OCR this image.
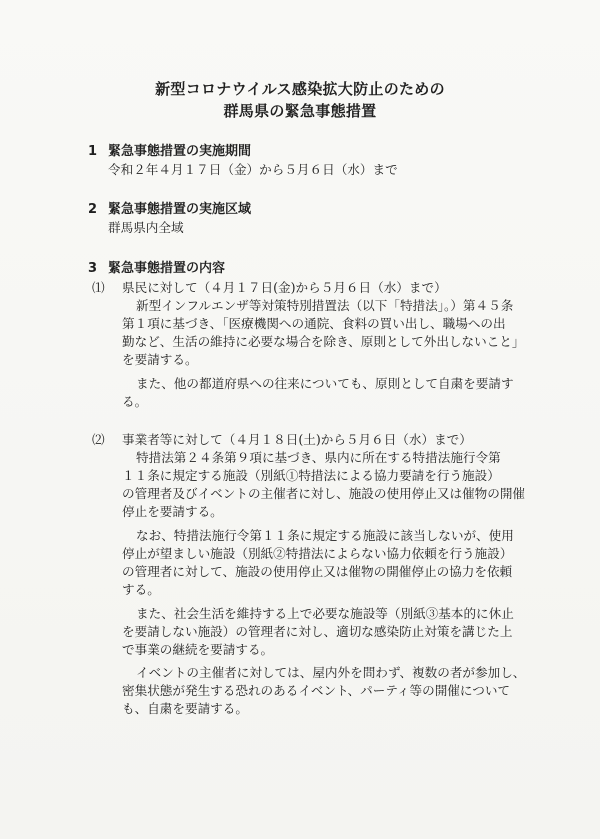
新型コロナウイルス感染拡大防止のための
群馬県の緊急事態措置
1 緊急事態措置の実施期間
令和２年４月１７日（金）から５月６日（水）まで
2 緊急事態措置の実施区域
群馬県内全域
3 緊急事態措置の内容
⑴ 県民に対して（４月１７日(金)から５月６日（水）まで）
新型インフルエンザ等対策特別措置法（以下「特措法」。）第４５条
第１項に基づき、「医療機関への通院、食料の買い出し、職場への出
勤など、生活の維持に必要な場合を除き、原則として外出しないこと」
を要請する。
また、他の都道府県への往来についても、原則として自粛を要請す
る。
⑵ 事業者等に対して（４月１８日(土)から５月６日（水）まで）
特措法第２４条第９項に基づき、県内に所在する特措法施行令第
１１条に規定する施設（別紙①特措法による協力要請を行う施設）
の管理者及びイベントの主催者に対し、施設の使用停止又は催物の開催
停止を要請する。
なお、特措法施行令第１１条に規定する施設に該当しないが、使用
停止が望ましい施設（別紙②特措法によらない協力依頼を行う施設）
の管理者に対して、施設の使用停止又は催物の開催停止の協力を依頼
する。
また、社会生活を維持する上で必要な施設等（別紙③基本的に休止
を要請しない施設）の管理者に対し、適切な感染防止対策を講じた上
で事業の継続を要請する。
イベントの主催者に対しては、屋内外を問わず、複数の者が参加し、
密集状態が発生する恐れのあるイベント、パーティ等の開催について
も、自粛を要請する。
